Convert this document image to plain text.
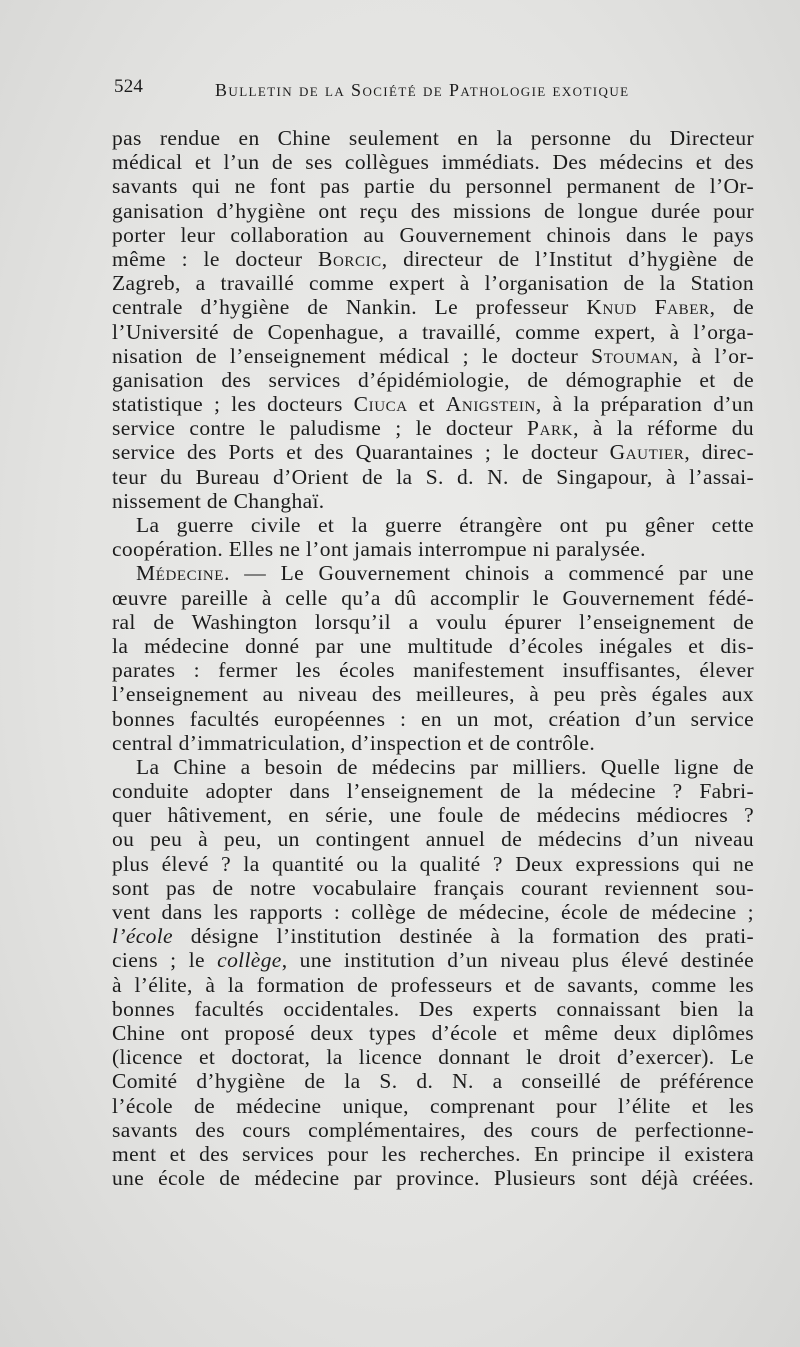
524	Bulletin de la Société de Pathologie exotique
pas rendue en Chine seulement en la personne du Directeur
médical et l’un de ses collègues immédiats. Des médecins et des
savants qui ne font pas partie du personnel permanent de l’Or-
ganisation d’hygiène ont reçu des missions de longue durée pour
porter leur collaboration au Gouvernement chinois dans le pays
même : le docteur Borcic, directeur de l’Institut d’hygiène de
Zagreb, a travaillé comme expert à l’organisation de la Station
centrale d’hygiène de Nankin. Le professeur Knud Faber, de
l’Université de Copenhague, a travaillé, comme expert, à l’orga-
nisation de l’enseignement médical ; le docteur Stouman, à l’or-
ganisation des services d’épidémiologie, de démographie et de
statistique ; les docteurs Ciuca et Anigstein, à la préparation d’un
service contre le paludisme ; le docteur Park, à la réforme du
service des Ports et des Quarantaines ; le docteur Gautier, direc-
teur du Bureau d’Orient de la S. d. N. de Singapour, à l’assai-
nissement de Changhaï.
La guerre civile et la guerre étrangère ont pu gêner cette
coopération. Elles ne l’ont jamais interrompue ni paralysée.
Médecine. — Le Gouvernement chinois a commencé par une
œuvre pareille à celle qu’a dû accomplir le Gouvernement fédé-
ral de Washington lorsqu’il a voulu épurer l’enseignement de
la médecine donné par une multitude d’écoles inégales et dis-
parates : fermer les écoles manifestement insuffisantes, élever
l’enseignement au niveau des meilleures, à peu près égales aux
bonnes facultés européennes : en un mot, création d’un service
central d’immatriculation, d’inspection et de contrôle.
La Chine a besoin de médecins par milliers. Quelle ligne de
conduite adopter dans l’enseignement de la médecine ? Fabri-
quer hâtivement, en série, une foule de médecins médiocres ?
ou peu à peu, un contingent annuel de médecins d’un niveau
plus élevé ? la quantité ou la qualité ? Deux expressions qui ne
sont pas de notre vocabulaire français courant reviennent sou-
vent dans les rapports : collège de médecine, école de médecine ;
l’école désigne l’institution destinée à la formation des prati-
ciens ; le collège, une institution d’un niveau plus élevé destinée
à l’élite, à la formation de professeurs et de savants, comme les
bonnes facultés occidentales. Des experts connaissant bien la
Chine ont proposé deux types d’école et même deux diplômes
(licence et doctorat, la licence donnant le droit d’exercer). Le
Comité d’hygiène de la S. d. N. a conseillé de préférence
l’école de médecine unique, comprenant pour l’élite et les
savants des cours complémentaires, des cours de perfectionne-
ment et des services pour les recherches. En principe il existera
une école de médecine par province. Plusieurs sont déjà créées.
